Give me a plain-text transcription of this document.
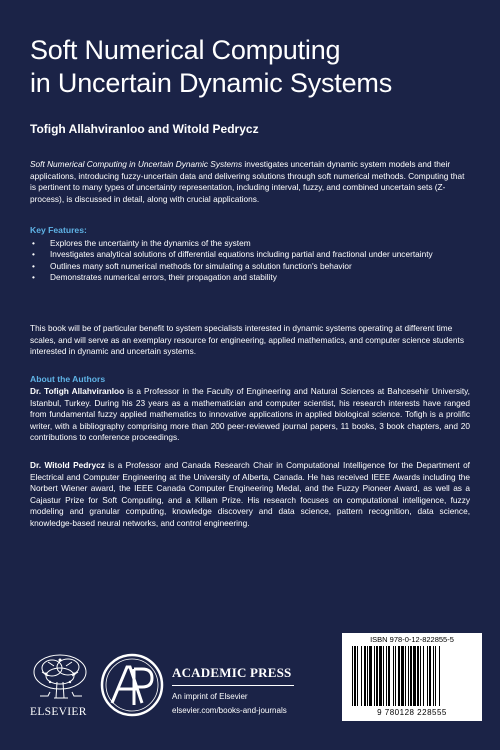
Soft Numerical Computing
in Uncertain Dynamic Systems
Tofigh Allahviranloo and Witold Pedrycz
Soft Numerical Computing in Uncertain Dynamic Systems investigates uncertain dynamic system models and their applications, introducing fuzzy-uncertain data and delivering solutions through soft numerical methods. Computing that is pertinent to many types of uncertainty representation, including interval, fuzzy, and combined uncertain sets (Z-process), is discussed in detail, along with crucial applications.
Key Features:
• Explores the uncertainty in the dynamics of the system
• Investigates analytical solutions of differential equations including partial and fractional under uncertainty
• Outlines many soft numerical methods for simulating a solution function's behavior
• Demonstrates numerical errors, their propagation and stability
This book will be of particular benefit to system specialists interested in dynamic systems operating at different time scales, and will serve as an exemplary resource for engineering, applied mathematics, and computer science students interested in dynamic and uncertain systems.
About the Authors
Dr. Tofigh Allahviranloo is a Professor in the Faculty of Engineering and Natural Sciences at Bahcesehir University, Istanbul, Turkey. During his 23 years as a mathematician and computer scientist, his research interests have ranged from fundamental fuzzy applied mathematics to innovative applications in applied biological science. Tofigh is a prolific writer, with a bibliography comprising more than 200 peer-reviewed journal papers, 11 books, 3 book chapters, and 20 contributions to conference proceedings.
Dr. Witold Pedrycz is a Professor and Canada Research Chair in Computational Intelligence for the Department of Electrical and Computer Engineering at the University of Alberta, Canada. He has received IEEE Awards including the Norbert Wiener award, the IEEE Canada Computer Engineering Medal, and the Fuzzy Pioneer Award, as well as a Cajastur Prize for Soft Computing, and a Killam Prize. His research focuses on computational intelligence, fuzzy modeling and granular computing, knowledge discovery and data science, pattern recognition, data science, knowledge-based neural networks, and control engineering.
ELSEVIER
ACADEMIC PRESS
An imprint of Elsevier
elsevier.com/books-and-journals
ISBN 978-0-12-822855-5
9 780128 228555
